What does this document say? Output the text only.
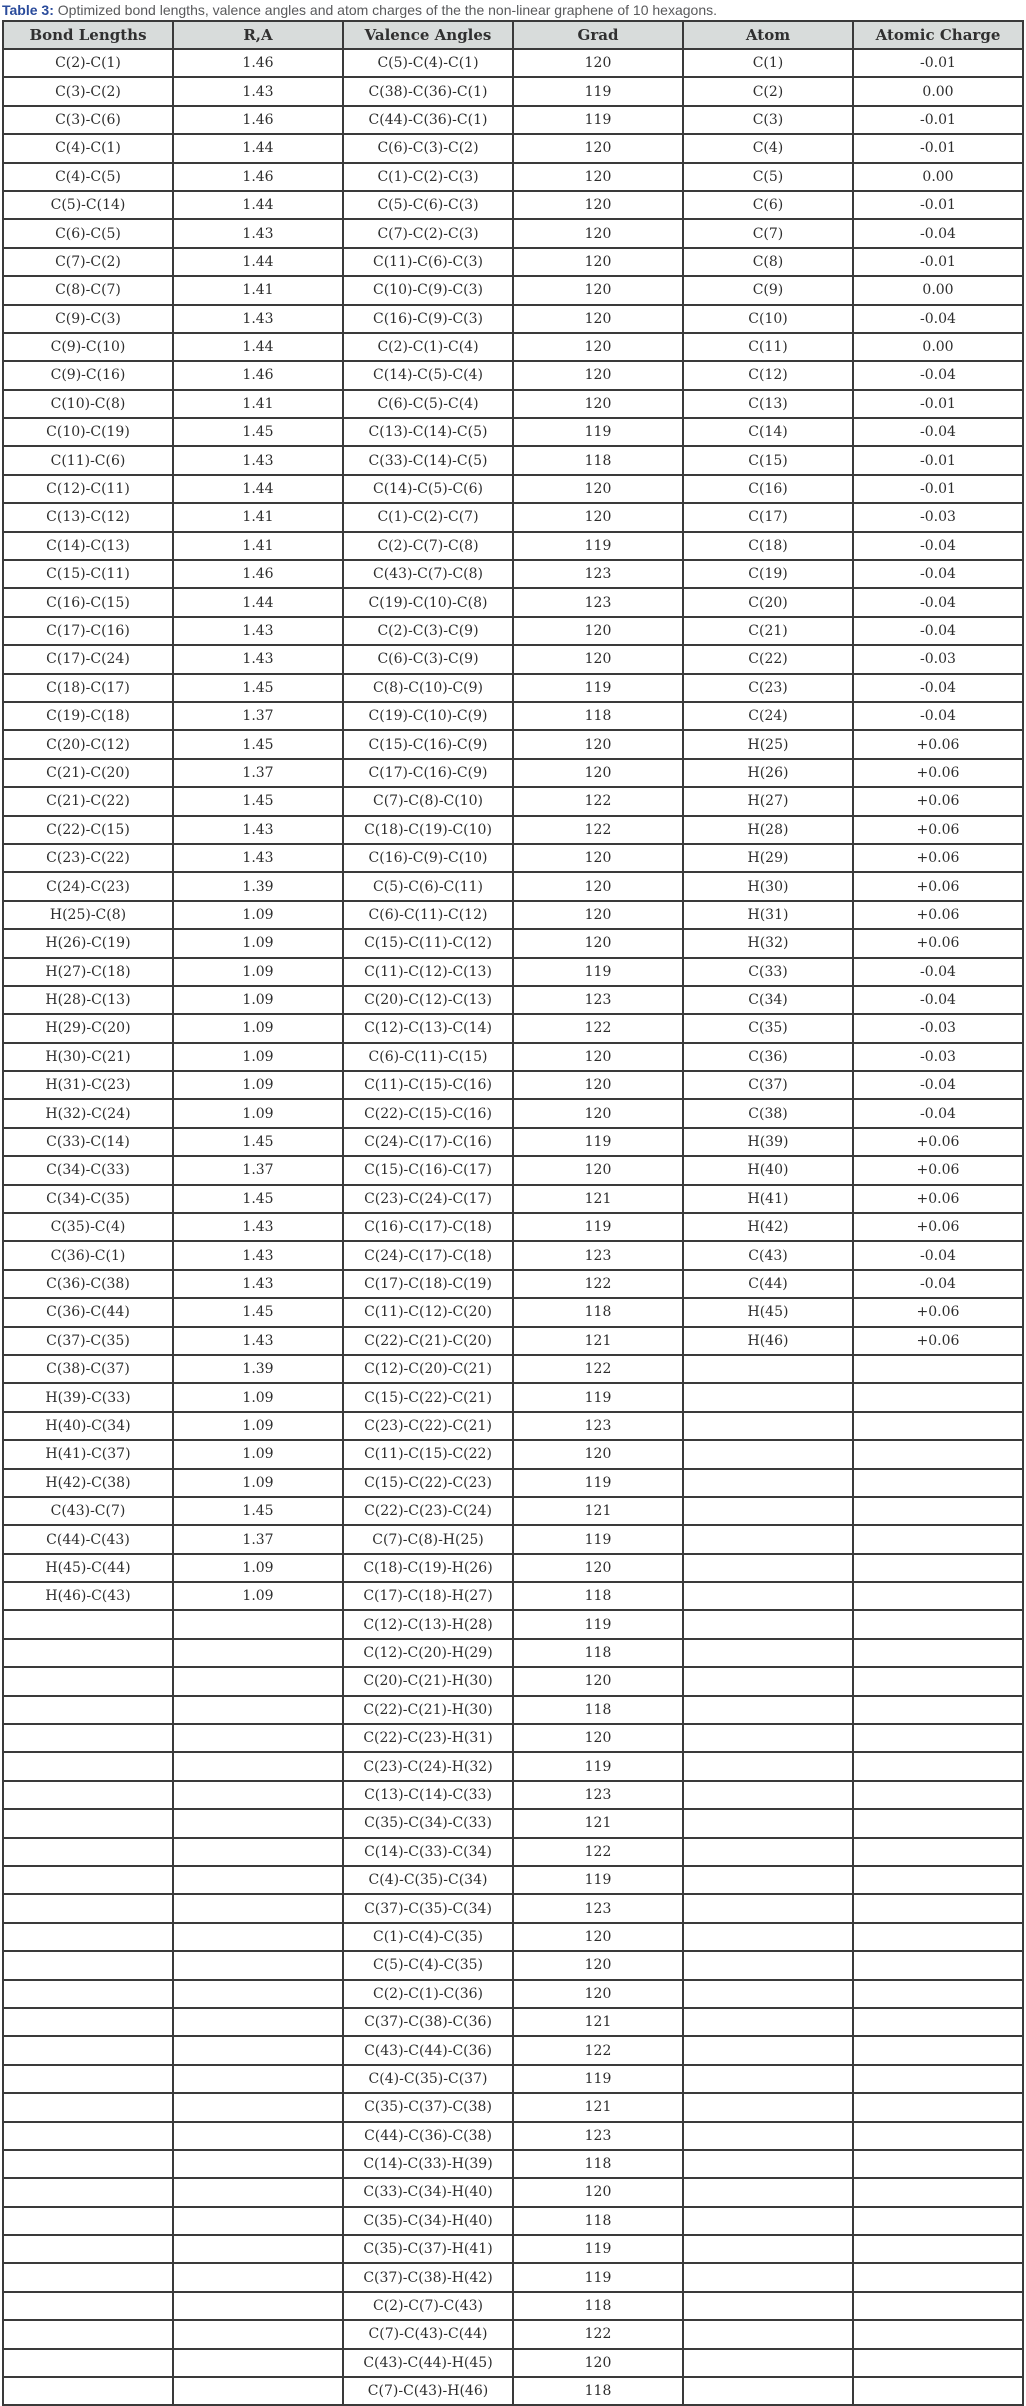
Table 3: Optimized bond lengths, valence angles and atom charges of the the non-linear graphene of 10 hexagons.
Bond Lengths	R,A	Valence Angles	Grad	Atom	Atomic Charge
C(2)-C(1)	1.46	C(5)-C(4)-C(1)	120	C(1)	-0.01
C(3)-C(2)	1.43	C(38)-C(36)-C(1)	119	C(2)	0.00
C(3)-C(6)	1.46	C(44)-C(36)-C(1)	119	C(3)	-0.01
C(4)-C(1)	1.44	C(6)-C(3)-C(2)	120	C(4)	-0.01
C(4)-C(5)	1.46	C(1)-C(2)-C(3)	120	C(5)	0.00
C(5)-C(14)	1.44	C(5)-C(6)-C(3)	120	C(6)	-0.01
C(6)-C(5)	1.43	C(7)-C(2)-C(3)	120	C(7)	-0.04
C(7)-C(2)	1.44	C(11)-C(6)-C(3)	120	C(8)	-0.01
C(8)-C(7)	1.41	C(10)-C(9)-C(3)	120	C(9)	0.00
C(9)-C(3)	1.43	C(16)-C(9)-C(3)	120	C(10)	-0.04
C(9)-C(10)	1.44	C(2)-C(1)-C(4)	120	C(11)	0.00
C(9)-C(16)	1.46	C(14)-C(5)-C(4)	120	C(12)	-0.04
C(10)-C(8)	1.41	C(6)-C(5)-C(4)	120	C(13)	-0.01
C(10)-C(19)	1.45	C(13)-C(14)-C(5)	119	C(14)	-0.04
C(11)-C(6)	1.43	C(33)-C(14)-C(5)	118	C(15)	-0.01
C(12)-C(11)	1.44	C(14)-C(5)-C(6)	120	C(16)	-0.01
C(13)-C(12)	1.41	C(1)-C(2)-C(7)	120	C(17)	-0.03
C(14)-C(13)	1.41	C(2)-C(7)-C(8)	119	C(18)	-0.04
C(15)-C(11)	1.46	C(43)-C(7)-C(8)	123	C(19)	-0.04
C(16)-C(15)	1.44	C(19)-C(10)-C(8)	123	C(20)	-0.04
C(17)-C(16)	1.43	C(2)-C(3)-C(9)	120	C(21)	-0.04
C(17)-C(24)	1.43	C(6)-C(3)-C(9)	120	C(22)	-0.03
C(18)-C(17)	1.45	C(8)-C(10)-C(9)	119	C(23)	-0.04
C(19)-C(18)	1.37	C(19)-C(10)-C(9)	118	C(24)	-0.04
C(20)-C(12)	1.45	C(15)-C(16)-C(9)	120	H(25)	+0.06
C(21)-C(20)	1.37	C(17)-C(16)-C(9)	120	H(26)	+0.06
C(21)-C(22)	1.45	C(7)-C(8)-C(10)	122	H(27)	+0.06
C(22)-C(15)	1.43	C(18)-C(19)-C(10)	122	H(28)	+0.06
C(23)-C(22)	1.43	C(16)-C(9)-C(10)	120	H(29)	+0.06
C(24)-C(23)	1.39	C(5)-C(6)-C(11)	120	H(30)	+0.06
H(25)-C(8)	1.09	C(6)-C(11)-C(12)	120	H(31)	+0.06
H(26)-C(19)	1.09	C(15)-C(11)-C(12)	120	H(32)	+0.06
H(27)-C(18)	1.09	C(11)-C(12)-C(13)	119	C(33)	-0.04
H(28)-C(13)	1.09	C(20)-C(12)-C(13)	123	C(34)	-0.04
H(29)-C(20)	1.09	C(12)-C(13)-C(14)	122	C(35)	-0.03
H(30)-C(21)	1.09	C(6)-C(11)-C(15)	120	C(36)	-0.03
H(31)-C(23)	1.09	C(11)-C(15)-C(16)	120	C(37)	-0.04
H(32)-C(24)	1.09	C(22)-C(15)-C(16)	120	C(38)	-0.04
C(33)-C(14)	1.45	C(24)-C(17)-C(16)	119	H(39)	+0.06
C(34)-C(33)	1.37	C(15)-C(16)-C(17)	120	H(40)	+0.06
C(34)-C(35)	1.45	C(23)-C(24)-C(17)	121	H(41)	+0.06
C(35)-C(4)	1.43	C(16)-C(17)-C(18)	119	H(42)	+0.06
C(36)-C(1)	1.43	C(24)-C(17)-C(18)	123	C(43)	-0.04
C(36)-C(38)	1.43	C(17)-C(18)-C(19)	122	C(44)	-0.04
C(36)-C(44)	1.45	C(11)-C(12)-C(20)	118	H(45)	+0.06
C(37)-C(35)	1.43	C(22)-C(21)-C(20)	121	H(46)	+0.06
C(38)-C(37)	1.39	C(12)-C(20)-C(21)	122		
H(39)-C(33)	1.09	C(15)-C(22)-C(21)	119		
H(40)-C(34)	1.09	C(23)-C(22)-C(21)	123		
H(41)-C(37)	1.09	C(11)-C(15)-C(22)	120		
H(42)-C(38)	1.09	C(15)-C(22)-C(23)	119		
C(43)-C(7)	1.45	C(22)-C(23)-C(24)	121		
C(44)-C(43)	1.37	C(7)-C(8)-H(25)	119		
H(45)-C(44)	1.09	C(18)-C(19)-H(26)	120		
H(46)-C(43)	1.09	C(17)-C(18)-H(27)	118		
		C(12)-C(13)-H(28)	119		
		C(12)-C(20)-H(29)	118		
		C(20)-C(21)-H(30)	120		
		C(22)-C(21)-H(30)	118		
		C(22)-C(23)-H(31)	120		
		C(23)-C(24)-H(32)	119		
		C(13)-C(14)-C(33)	123		
		C(35)-C(34)-C(33)	121		
		C(14)-C(33)-C(34)	122		
		C(4)-C(35)-C(34)	119		
		C(37)-C(35)-C(34)	123		
		C(1)-C(4)-C(35)	120		
		C(5)-C(4)-C(35)	120		
		C(2)-C(1)-C(36)	120		
		C(37)-C(38)-C(36)	121		
		C(43)-C(44)-C(36)	122		
		C(4)-C(35)-C(37)	119		
		C(35)-C(37)-C(38)	121		
		C(44)-C(36)-C(38)	123		
		C(14)-C(33)-H(39)	118		
		C(33)-C(34)-H(40)	120		
		C(35)-C(34)-H(40)	118		
		C(35)-C(37)-H(41)	119		
		C(37)-C(38)-H(42)	119		
		C(2)-C(7)-C(43)	118		
		C(7)-C(43)-C(44)	122		
		C(43)-C(44)-H(45)	120		
		C(7)-C(43)-H(46)	118		
